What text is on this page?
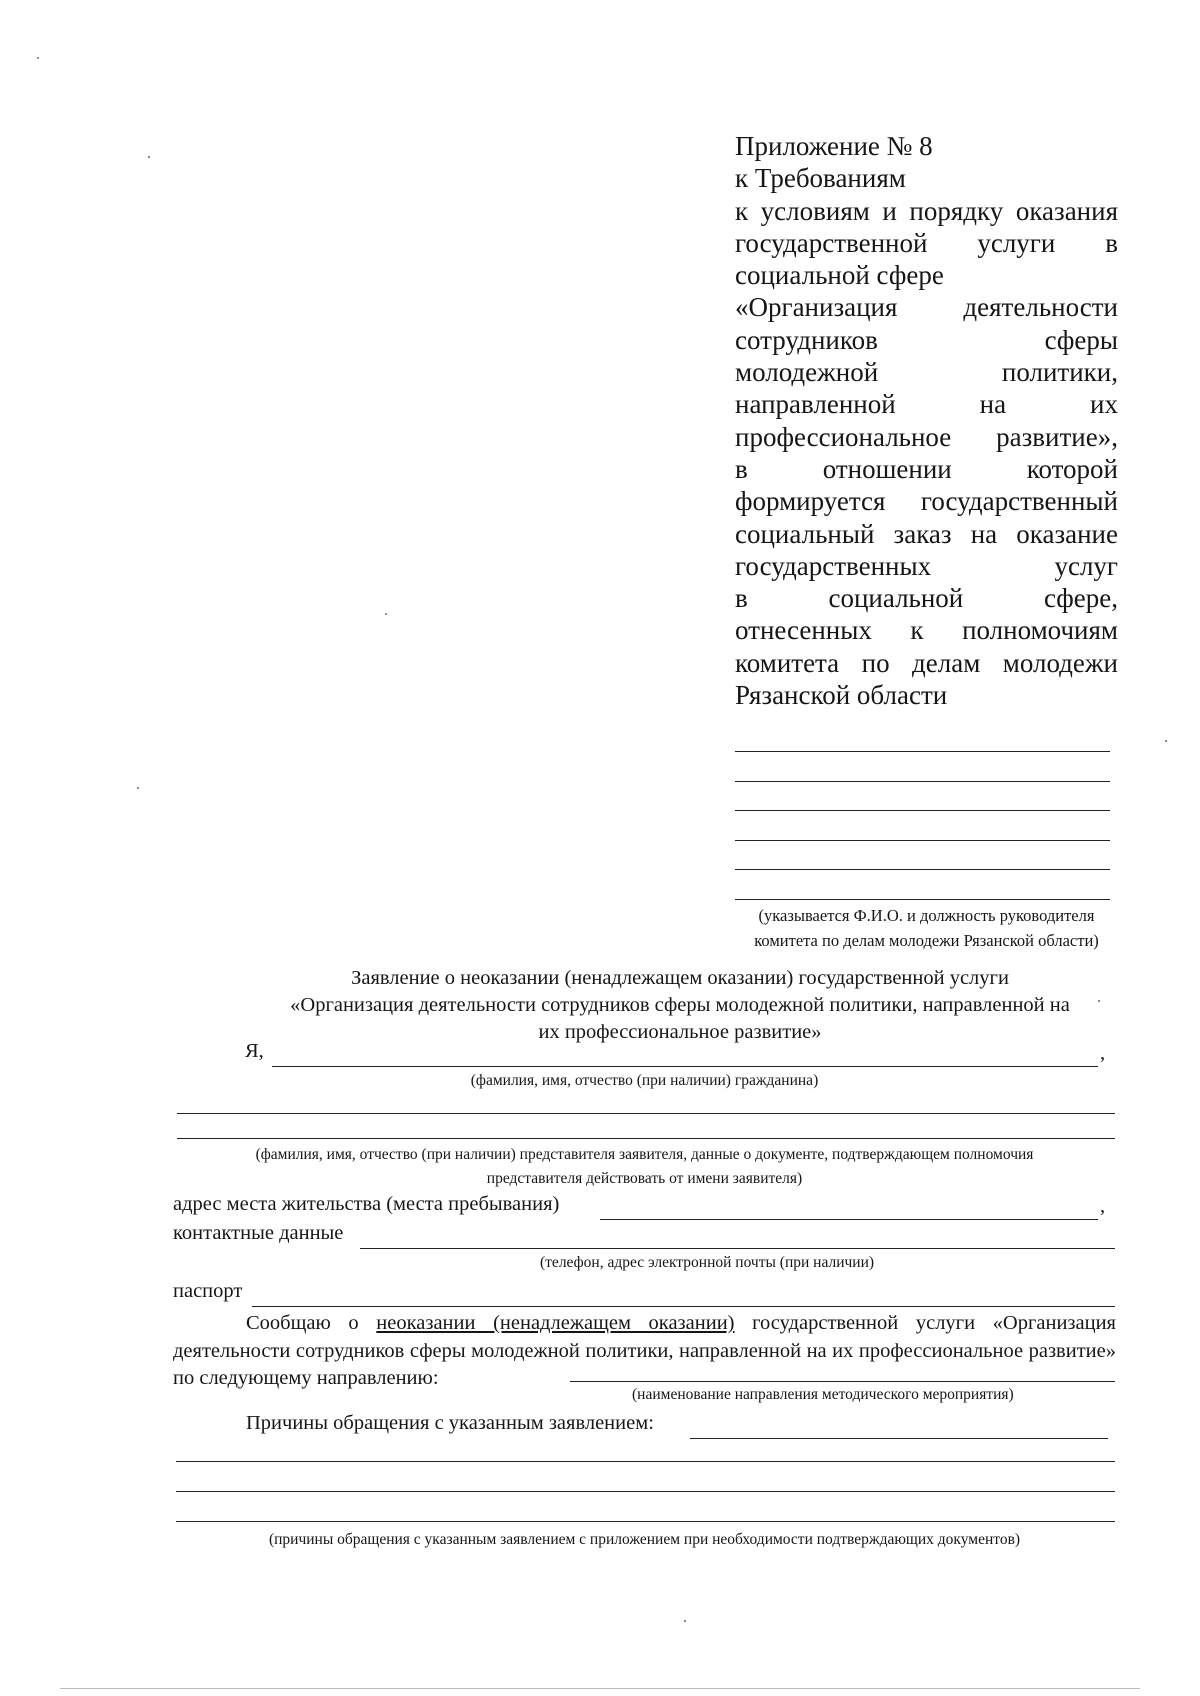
Приложение № 8
к Требованиям
к условиям и порядку оказания
государственной услуги в
социальной сфере
«Организация деятельности
сотрудников сферы
молодежной политики,
направленной на их
профессиональное развитие»,
в отношении которой
формируется государственный
социальный заказ на оказание
государственных услуг
в социальной сфере,
отнесенных к полномочиям
комитета по делам молодежи
Рязанской области
(указывается Ф.И.О. и должность руководителя
комитета по делам молодежи Рязанской области)
Заявление о неоказании (ненадлежащем оказании) государственной услуги
«Организация деятельности сотрудников сферы молодежной политики, направленной на
их профессиональное развитие»
Я,	,
(фамилия, имя, отчество (при наличии) гражданина)
(фамилия, имя, отчество (при наличии) представителя заявителя, данные о документе, подтверждающем полномочия
представителя действовать от имени заявителя)
адрес места жительства (места пребывания)	,
контактные данные
(телефон, адрес электронной почты (при наличии)
паспорт
Сообщаю о неоказании (ненадлежащем оказании) государственной услуги «Организация деятельности сотрудников сферы молодежной политики, направленной на их профессиональное развитие» по следующему направлению:
(наименование направления методического мероприятия)
Причины обращения с указанным заявлением:
(причины обращения с указанным заявлением с приложением при необходимости подтверждающих документов)
